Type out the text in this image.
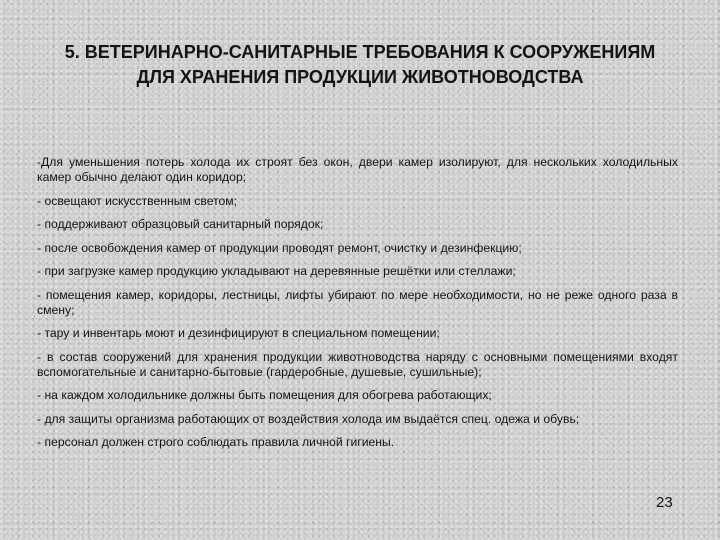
5. ВЕТЕРИНАРНО-САНИТАРНЫЕ ТРЕБОВАНИЯ К СООРУЖЕНИЯМ ДЛЯ ХРАНЕНИЯ ПРОДУКЦИИ ЖИВОТНОВОДСТВА
-Для уменьшения потерь холода их строят без окон, двери камер изолируют, для нескольких холодильных камер обычно делают один коридор;
- освещают искусственным светом;
- поддерживают образцовый санитарный порядок;
- после освобождения камер от продукции проводят ремонт, очистку и дезинфекцию;
- при загрузке камер продукцию укладывают на деревянные решётки или стеллажи;
- помещения камер, коридоры, лестницы, лифты убирают по мере необходимости, но не реже одного раза в смену;
- тару и инвентарь моют и дезинфицируют в специальном помещении;
- в состав сооружений для хранения продукции животноводства наряду с основными помещениями входят вспомогательные и санитарно-бытовые (гардеробные, душевые, сушильные);
- на каждом холодильнике должны быть помещения для обогрева работающих;
- для защиты организма работающих от воздействия холода им выдаётся спец. одежа и обувь;
- персонал должен строго соблюдать правила личной гигиены.
23
